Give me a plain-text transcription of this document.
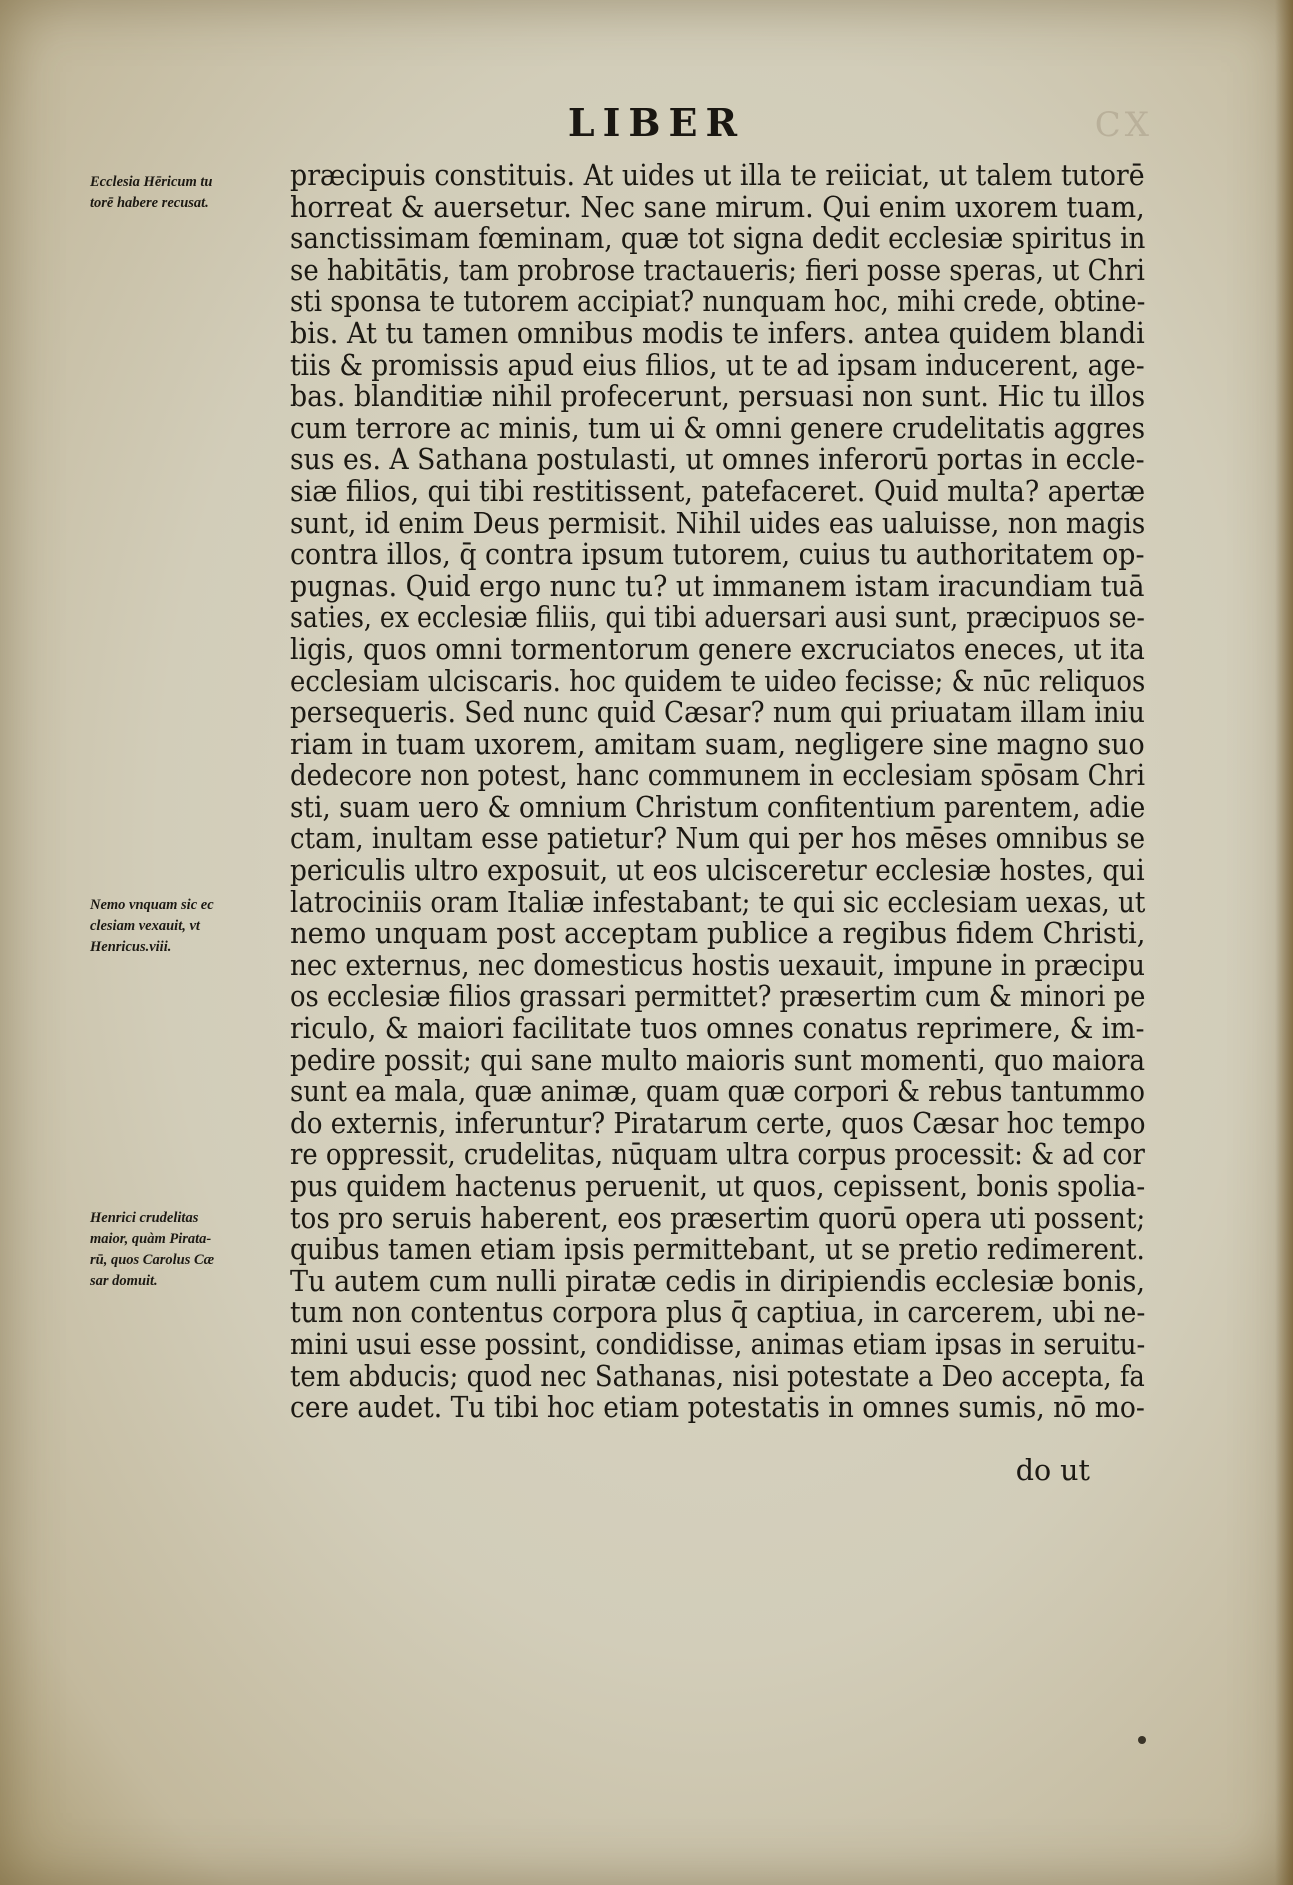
LIBER	CX
Ecclesia Hēricum tu
torē habere recusat.
Nemo vnquam sic ec
clesiam vexauit, vt
Henricus.viii.
Henrici crudelitas
maior, quàm Pirata-
rū, quos Carolus Cæ
sar domuit.
præcipuis constituis. At uides ut illa te reiiciat, ut talem tutorē
horreat & auersetur. Nec sane mirum. Qui enim uxorem tuam,
sanctissimam fœminam, quæ tot signa dedit ecclesiæ spiritus in
se habitātis, tam probrose tractaueris; fieri posse speras, ut Chri
sti sponsa te tutorem accipiat? nunquam hoc, mihi crede, obtine-
bis. At tu tamen omnibus modis te infers. antea quidem blandi
tiis & promissis apud eius filios, ut te ad ipsam inducerent, age-
bas. blanditiæ nihil profecerunt, persuasi non sunt. Hic tu illos
cum terrore ac minis, tum ui & omni genere crudelitatis aggres
sus es. A Sathana postulasti, ut omnes inferorū portas in eccle-
siæ filios, qui tibi restitissent, patefaceret. Quid multa? apertæ
sunt, id enim Deus permisit. Nihil uides eas ualuisse, non magis
contra illos, q̄ contra ipsum tutorem, cuius tu authoritatem op-
pugnas. Quid ergo nunc tu? ut immanem istam iracundiam tuā
saties, ex ecclesiæ filiis, qui tibi aduersari ausi sunt, præcipuos se-
ligis, quos omni tormentorum genere excruciatos eneces, ut ita
ecclesiam ulciscaris. hoc quidem te uideo fecisse; & nūc reliquos
persequeris. Sed nunc quid Cæsar? num qui priuatam illam iniu
riam in tuam uxorem, amitam suam, negligere sine magno suo
dedecore non potest, hanc communem in ecclesiam spōsam Chri
sti, suam uero & omnium Christum confitentium parentem, adie
ctam, inultam esse patietur? Num qui per hos mēses omnibus se
periculis ultro exposuit, ut eos ulcisceretur ecclesiæ hostes, qui
latrociniis oram Italiæ infestabant; te qui sic ecclesiam uexas, ut
nemo unquam post acceptam publice a regibus fidem Christi,
nec externus, nec domesticus hostis uexauit, impune in præcipu
os ecclesiæ filios grassari permittet? præsertim cum & minori pe
riculo, & maiori facilitate tuos omnes conatus reprimere, & im-
pedire possit; qui sane multo maioris sunt momenti, quo maiora
sunt ea mala, quæ animæ, quam quæ corpori & rebus tantummo
do externis, inferuntur? Piratarum certe, quos Cæsar hoc tempo
re oppressit, crudelitas, nūquam ultra corpus processit: & ad cor
pus quidem hactenus peruenit, ut quos, cepissent, bonis spolia-
tos pro seruis haberent, eos præsertim quorū opera uti possent;
quibus tamen etiam ipsis permittebant, ut se pretio redimerent.
Tu autem cum nulli piratæ cedis in diripiendis ecclesiæ bonis,
tum non contentus corpora plus q̄ captiua, in carcerem, ubi ne-
mini usui esse possint, condidisse, animas etiam ipsas in seruitu-
tem abducis; quod nec Sathanas, nisi potestate a Deo accepta, fa
cere audet. Tu tibi hoc etiam potestatis in omnes sumis, nō mo-
do ut
